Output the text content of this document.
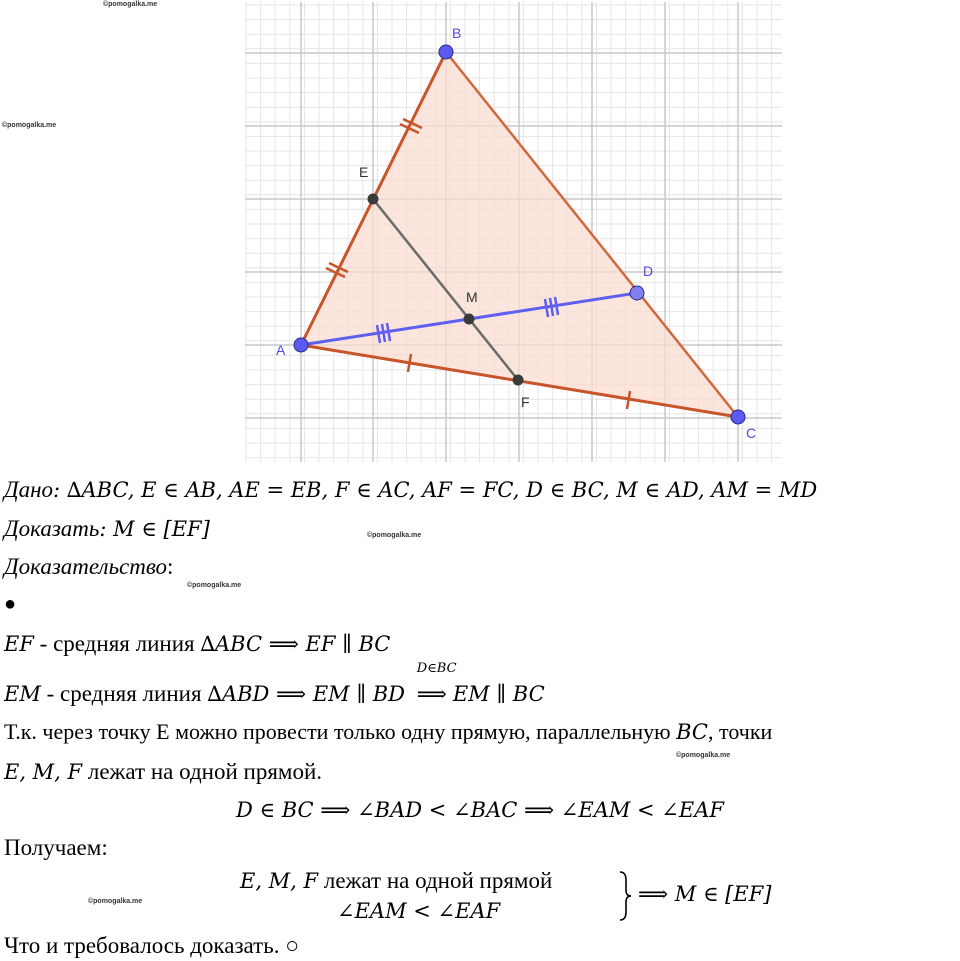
©pomogalka.me
©pomogalka.me
©pomogalka.me
©pomogalka.me
©pomogalka.me
©pomogalka.me
A
B
C
D
E
M
F
Дано: ∆ABC, E ∈ AB, AE = EB, F ∈ AC, AF = FC, D ∈ BC, M ∈ AD, AM = MD
Доказать: M ∈ [EF]
Доказательство:
●
EF - средняя линия ∆ABC ⟹ EF ∥ BC
EM - средняя линия ∆ABD ⟹ EM ∥ BD
D∈BC
⟹ EM ∥ BC
Т.к. через точку Е можно провести только одну прямую, параллельную BC, точки
E, M, F лежат на одной прямой.
D ∈ BC ⟹ ∠BAD < ∠BAC ⟹ ∠EAM < ∠EAF
Получаем:
E, M, F лежат на одной прямой
∠EAM < ∠EAF
⟹ M ∈ [EF]
Что и требовалось доказать. ○
